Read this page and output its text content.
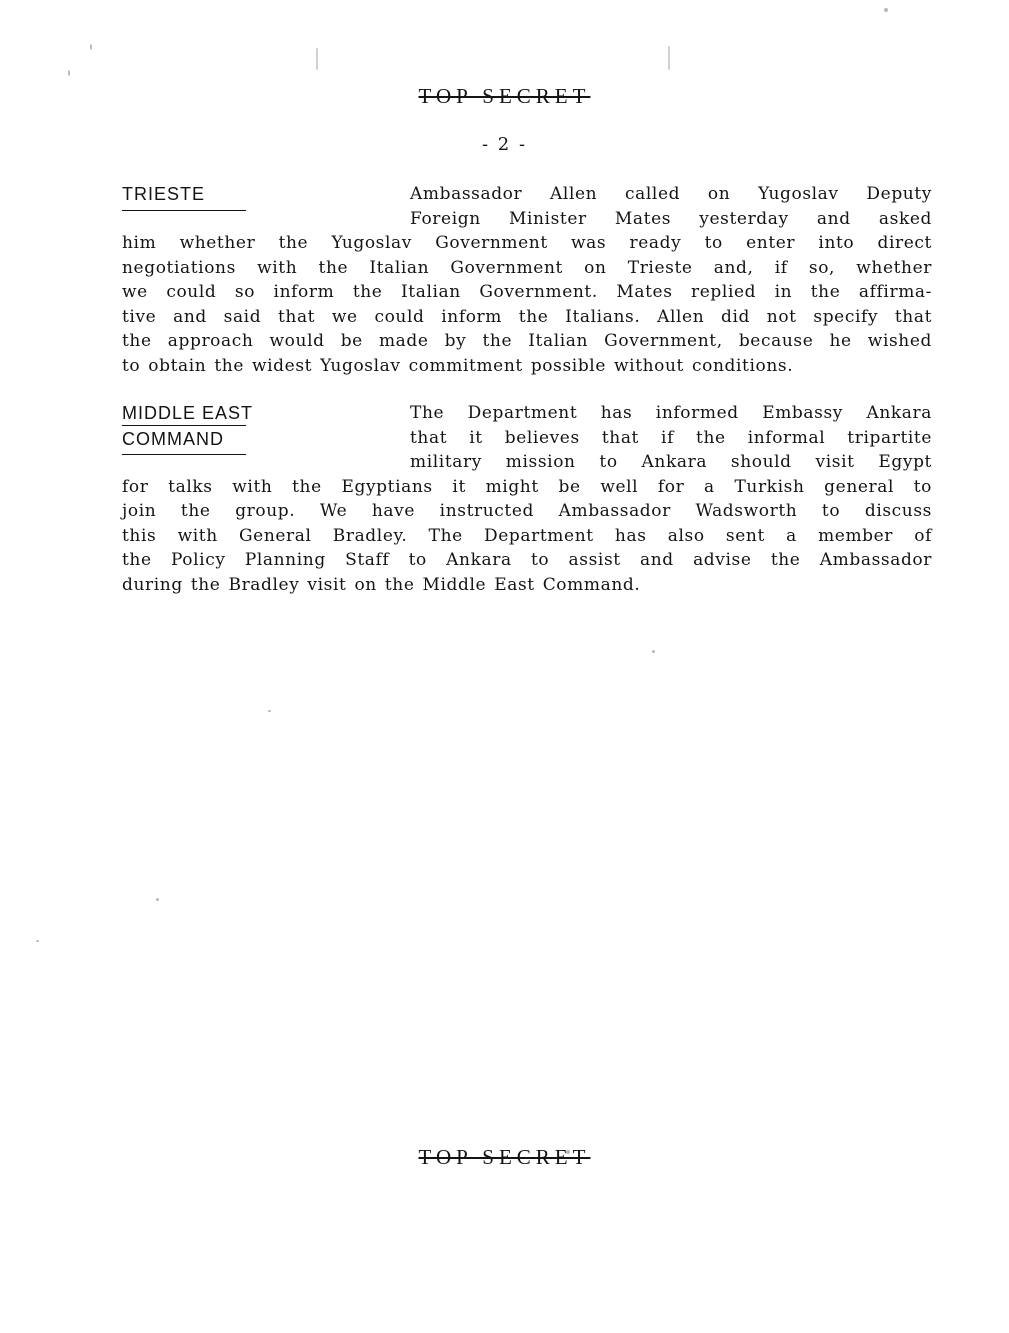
TOP SECRET
- 2 -
TRIESTE	Ambassador Allen called on Yugoslav Deputy
Foreign Minister Mates yesterday and asked
him whether the Yugoslav Government was ready to enter into direct
negotiations with the Italian Government on Trieste and, if so, whether
we could so inform the Italian Government. Mates replied in the affirma-
tive and said that we could inform the Italians. Allen did not specify that
the approach would be made by the Italian Government, because he wished
to obtain the widest Yugoslav commitment possible without conditions.
MIDDLE EAST
COMMAND
The Department has informed Embassy Ankara
that it believes that if the informal tripartite
military mission to Ankara should visit Egypt
for talks with the Egyptians it might be well for a Turkish general to
join the group. We have instructed Ambassador Wadsworth to discuss
this with General Bradley. The Department has also sent a member of
the Policy Planning Staff to Ankara to assist and advise the Ambassador
during the Bradley visit on the Middle East Command.
TOP SECRET
